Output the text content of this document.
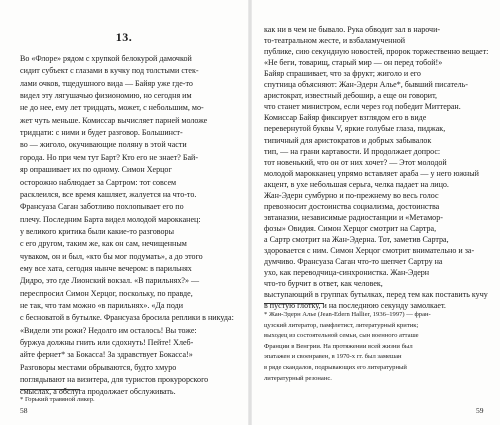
13.
Во «Флоре» рядом с хрупкой белокурой дамочкой
сидит субъект с глазами в кучку под толстыми стек-
лами очков, тщедушного вида — Байяр уже где-то
видел эту лягушачью физиономию, но сегодня им
не до нее, ему лет тридцать, может, с небольшим, мо-
жет чуть меньше. Комиссар вычисляет парней моложе
тридцати: с ними и будет разговор. Большинст-
во — жиголо, окучивающие поляну в этой части
города. Но при чем тут Барт? Кто его не знает? Бай-
яр опрашивает их по одному. Симон Херцог
осторожно наблюдает за Сартром: тот совсем
расклеился, все время кашляет, жалуется на что-то.
Франсуаза Саган заботливо похлопывает его по
плечу. Последним Барта видел молодой марокканец:
у великого критика были какие-то разговоры
с его другом, таким же, как он сам, нечищенным
чуваком, он и был, «кто бы мог подумать», а до этого
ему все хата, сегодня нынче вечером: в парильнях
Дидро, это где Лионский вокзал. «В парильнях?» —
переспросил Симон Херцог, поскольку, по правде,
не так, что там можно «в парильнях». «Да поди
с бесноватой в бутылке. Франсуаза бросила реплики в никуда:
«Видели эти рожи? Недолго им осталось! Вы тоже:
буржуа должны гнить или сдохнуть! Пейте! Хлеб-
айте фернет* за Бокасса! За здравствует Бокасса!»
Разговоры местами обрываются, будто хмуро
поглядывают на визитера, для туристов прокурорского
смыслах, а обслуга продолжает обслуживать.
* Горький травяной ликер.
58
как ни в чем не бывало. Рука обводит зал в нарочи-
то-театральном жесте, и взбаламученной
публике, сию секундную новостей, пророк торжественно вещает:
«Не беги, товарищ, старый мир — он перед тобой!»
Байяр спрашивает, что за фрукт; жиголо и его
спутница объясняют: Жан-Эдерн Алье*, бывший писатель-
аристократ, известный дебошир, а еще он говорит,
что станет министром, если через год победит Миттеран.
Комиссар Байяр фиксирует взглядом его в виде
перевернутой буквы V, яркие голубые глаза, пиджак,
типичный для аристократов и добрых забывалок
тип, — на грани картавости. И продолжает допрос:
тот новенький, что он от них хочет? — Этот молодой
молодой марокканец упрямо вставляет араба — у него южный
акцент, в ухе небольшая серьга, челка падает на лицо.
Жан-Эдерн сумбурно и по-прежнему во весь голос
превозносит достоинства социализма, достоинства
эвтаназии, независимые радиостанции и «Метамор-
фозы» Овидия. Симон Херцог смотрит на Сартра,
а Сартр смотрит на Жан-Эдерна. Тот, заметив Сартра,
здоровается с ним. Симон Херцог смотрит внимательно и за-
думчиво. Франсуаза Саган что-то шепчет Сартру на
ухо, как переводчица-синхронистка. Жан-Эдерн
что-то бурчит в ответ, как человек,
выступающий в группах бутылках, перед тем как поставить кучу
в пустую глотку, и на последнюю секунду замолкает.
* Жан-Эдерн Алье (Jean-Edern Hallier, 1936–1997) — фран-
цузский литератор, памфлетист, литературный критик;
выходец из состоятельной семьи, сын военного атташе
Франции в Венгрии. На протяжении всей жизни был
эпатажен и своенравен, в 1970-х гг. был замешан
в ряде скандалов, подрывающих его литературный
литературный резонанс.
59
